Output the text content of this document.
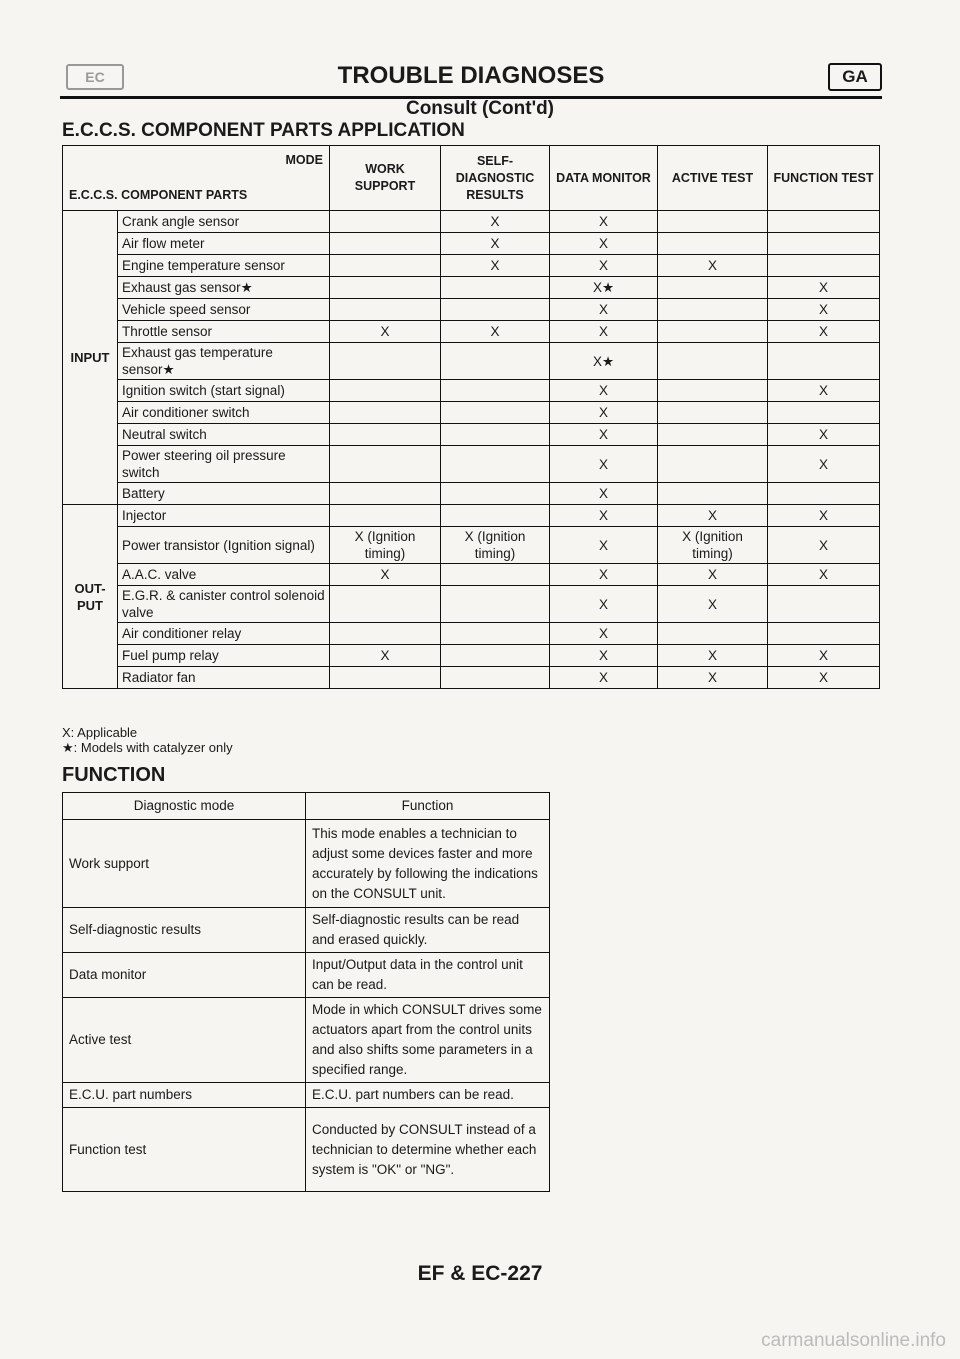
EC	TROUBLE DIAGNOSES	GA
Consult (Cont'd)
E.C.C.S. COMPONENT PARTS APPLICATION
MODE
E.C.C.S. COMPONENT PARTS		WORK SUPPORT	SELF-DIAGNOSTIC RESULTS	DATA MONITOR	ACTIVE TEST	FUNCTION TEST
INPUT	Crank angle sensor		X	X		
	Air flow meter		X	X		
	Engine temperature sensor		X	X	X	
	Exhaust gas sensor★			X★		X
	Vehicle speed sensor			X		X
	Throttle sensor	X	X	X		X
	Exhaust gas temperature sensor★			X★		
	Ignition switch (start signal)			X		X
	Air conditioner switch			X		
	Neutral switch			X		X
	Power steering oil pressure switch			X		X
	Battery			X		
OUT-PUT	Injector			X	X	X
	Power transistor (Ignition signal)	X (Ignition timing)	X (Ignition timing)	X	X (Ignition timing)	X
	A.A.C. valve	X		X	X	X
	E.G.R. & canister control solenoid valve			X	X	
	Air conditioner relay			X		
	Fuel pump relay	X		X	X	X
	Radiator fan			X	X	X
X: Applicable
★: Models with catalyzer only
FUNCTION
Diagnostic mode	Function
Work support	This mode enables a technician to adjust some devices faster and more accurately by following the indications on the CONSULT unit.
Self-diagnostic results	Self-diagnostic results can be read and erased quickly.
Data monitor	Input/Output data in the control unit can be read.
Active test	Mode in which CONSULT drives some actuators apart from the control units and also shifts some parameters in a specified range.
E.C.U. part numbers	E.C.U. part numbers can be read.
Function test	Conducted by CONSULT instead of a technician to determine whether each system is "OK" or "NG".
EF & EC-227
carmanualsonline.info
